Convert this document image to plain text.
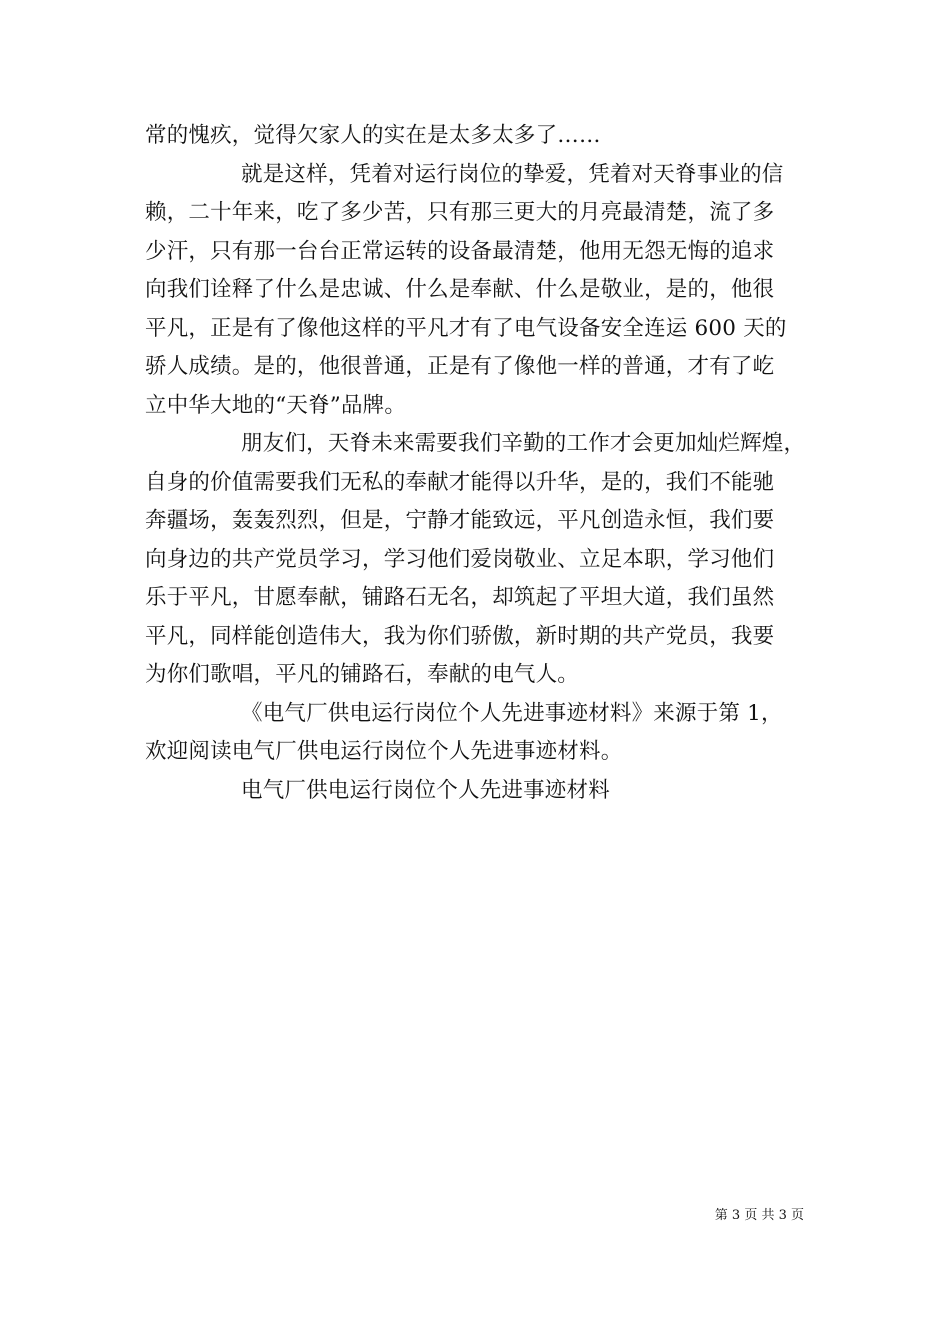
常的愧疚，觉得欠家人的实在是太多太多了……
就是这样，凭着对运行岗位的挚爱，凭着对天脊事业的信
赖，二十年来，吃了多少苦，只有那三更大的月亮最清楚，流了多
少汗，只有那一台台正常运转的设备最清楚，他用无怨无悔的追求
向我们诠释了什么是忠诚、什么是奉献、什么是敬业，是的，他很
平凡，正是有了像他这样的平凡才有了电气设备安全连运 600 天的
骄人成绩。是的，他很普通，正是有了像他一样的普通，才有了屹
立中华大地的“天脊”品牌。
朋友们，天脊未来需要我们辛勤的工作才会更加灿烂辉煌，
自身的价值需要我们无私的奉献才能得以升华，是的，我们不能驰
奔疆场，轰轰烈烈，但是，宁静才能致远，平凡创造永恒，我们要
向身边的共产党员学习，学习他们爱岗敬业、立足本职，学习他们
乐于平凡，甘愿奉献，铺路石无名，却筑起了平坦大道，我们虽然
平凡，同样能创造伟大，我为你们骄傲，新时期的共产党员，我要
为你们歌唱，平凡的铺路石，奉献的电气人。
《电气厂供电运行岗位个人先进事迹材料》来源于第 1，
欢迎阅读电气厂供电运行岗位个人先进事迹材料。
电气厂供电运行岗位个人先进事迹材料
第 3 页 共 3 页
